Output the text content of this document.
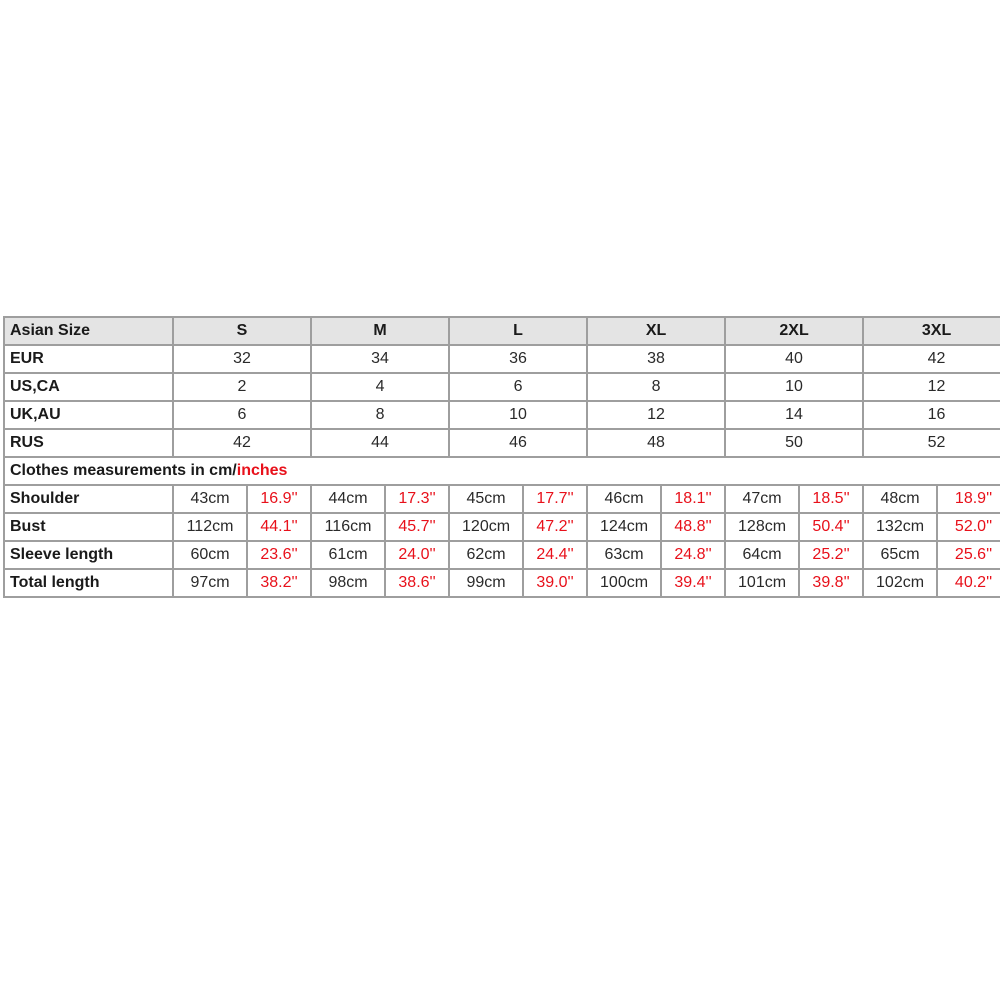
Asian Size	S		M		L		XL		2XL		3XL	
EUR	32		34		36		38		40		42	
US,CA	2		4		6		8		10		12	
UK,AU	6		8		10		12		14		16	
RUS	42		44		46		48		50		52	
Clothes measurements in cm/inches												
Shoulder	43cm	16.9''	44cm	17.3''	45cm	17.7''	46cm	18.1''	47cm	18.5''	48cm	18.9''
Bust	112cm	44.1''	116cm	45.7''	120cm	47.2''	124cm	48.8''	128cm	50.4''	132cm	52.0''
Sleeve length	60cm	23.6''	61cm	24.0''	62cm	24.4''	63cm	24.8''	64cm	25.2''	65cm	25.6''
Total length	97cm	38.2''	98cm	38.6''	99cm	39.0''	100cm	39.4''	101cm	39.8''	102cm	40.2''
